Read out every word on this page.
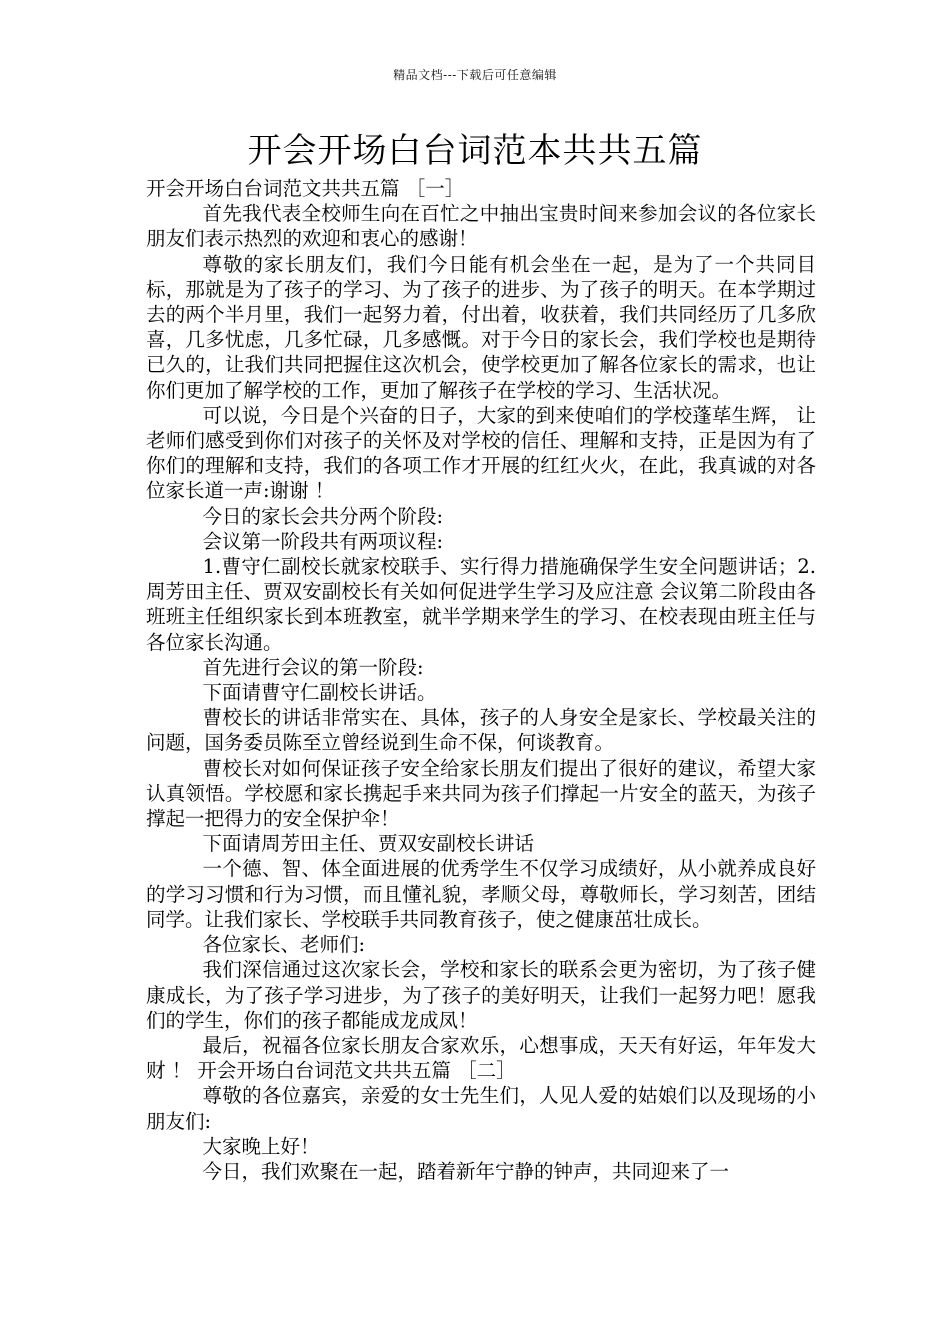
精品文档---下载后可任意编辑
开会开场白台词范本共共五篇

开会开场白台词范文共共五篇 ［一］

首先我代表全校师生向在百忙之中抽出宝贵时间来参加会议的各位家长朋友们表示热烈的欢迎和衷心的感谢！

尊敬的家长朋友们，我们今日能有机会坐在一起，是为了一个共同目标，那就是为了孩子的学习、为了孩子的进步、为了孩子的明天。在本学期过去的两个半月里，我们一起努力着，付出着，收获着，我们共同经历了几多欣喜，几多忧虑，几多忙碌，几多感慨。对于今日的家长会，我们学校也是期待已久的，让我们共同把握住这次机会，使学校更加了解各位家长的需求，也让你们更加了解学校的工作，更加了解孩子在学校的学习、生活状况。

可以说，今日是个兴奋的日子，大家的到来使咱们的学校蓬荜生辉， 让老师们感受到你们对孩子的关怀及对学校的信任、理解和支持，正是因为有了你们的理解和支持，我们的各项工作才开展的红红火火，在此，我真诚的对各位家长道一声:谢谢 ！

今日的家长会共分两个阶段:

会议第一阶段共有两项议程:

1.曹守仁副校长就家校联手、实行得力措施确保学生安全问题讲话；2.周芳田主任、贾双安副校长有关如何促进学生学习及应注意 会议第二阶段由各班班主任组织家长到本班教室，就半学期来学生的学习、在校表现由班主任与各位家长沟通。

首先进行会议的第一阶段:

下面请曹守仁副校长讲话。

曹校长的讲话非常实在、具体，孩子的人身安全是家长、学校最关注的问题，国务委员陈至立曾经说到生命不保，何谈教育。

曹校长对如何保证孩子安全给家长朋友们提出了很好的建议，希望大家认真领悟。学校愿和家长携起手来共同为孩子们撑起一片安全的蓝天，为孩子撑起一把得力的安全保护伞！

下面请周芳田主任、贾双安副校长讲话

一个德、智、体全面进展的优秀学生不仅学习成绩好，从小就养成良好的学习习惯和行为习惯，而且懂礼貌，孝顺父母，尊敬师长，学习刻苦，团结同学。让我们家长、学校联手共同教育孩子，使之健康茁壮成长。

各位家长、老师们:

我们深信通过这次家长会，学校和家长的联系会更为密切，为了孩子健康成长，为了孩子学习进步，为了孩子的美好明天，让我们一起努力吧！愿我们的学生，你们的孩子都能成龙成凤！

最后，祝福各位家长朋友合家欢乐，心想事成，天天有好运，年年发大财 ！ 开会开场白台词范文共共五篇 ［二］

尊敬的各位嘉宾，亲爱的女士先生们，人见人爱的姑娘们以及现场的小朋友们:

大家晚上好！

今日，我们欢聚在一起，踏着新年宁静的钟声，共同迎来了一
